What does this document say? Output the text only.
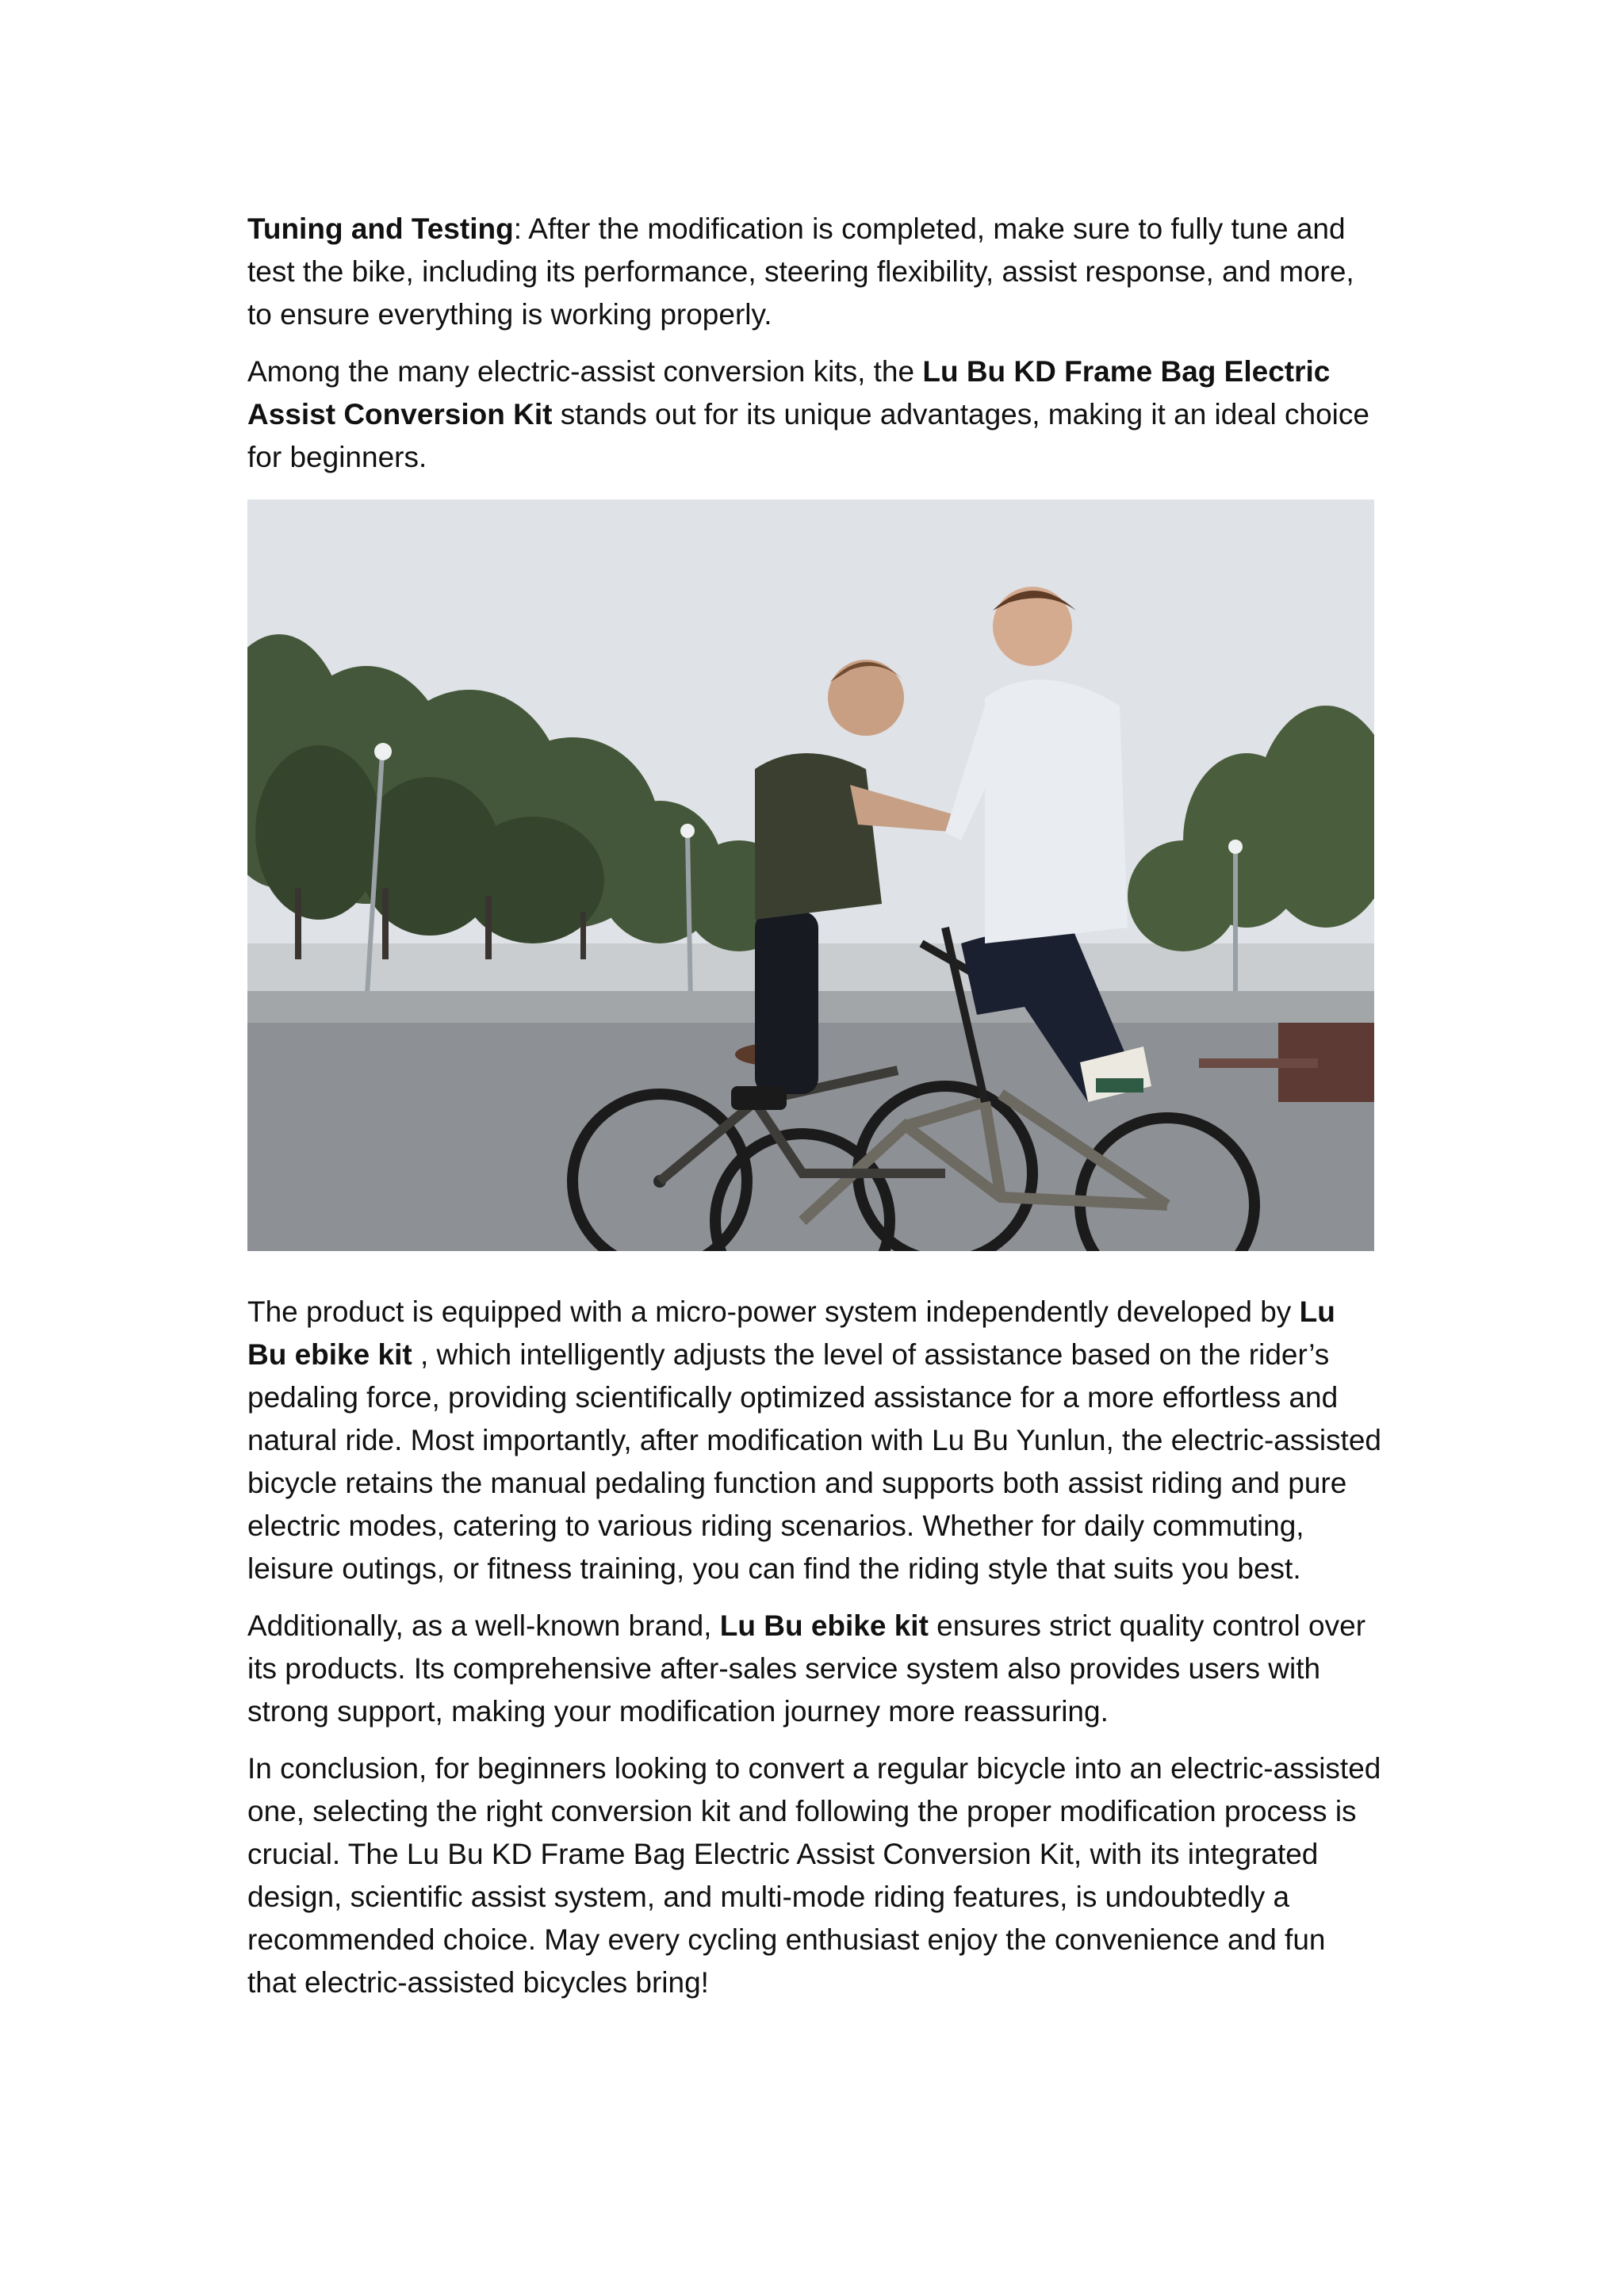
Tuning and Testing: After the modification is completed, make sure to fully tune and test the bike, including its performance, steering flexibility, assist response, and more, to ensure everything is working properly.

Among the many electric-assist conversion kits, the Lu Bu KD Frame Bag Electric Assist Conversion Kit stands out for its unique advantages, making it an ideal choice for beginners.

The product is equipped with a micro-power system independently developed by Lu Bu ebike kit , which intelligently adjusts the level of assistance based on the rider’s pedaling force, providing scientifically optimized assistance for a more effortless and natural ride. Most importantly, after modification with Lu Bu Yunlun, the electric-assisted bicycle retains the manual pedaling function and supports both assist riding and pure electric modes, catering to various riding scenarios. Whether for daily commuting, leisure outings, or fitness training, you can find the riding style that suits you best.

Additionally, as a well-known brand, Lu Bu ebike kit ensures strict quality control over its products. Its comprehensive after-sales service system also provides users with strong support, making your modification journey more reassuring.

In conclusion, for beginners looking to convert a regular bicycle into an electric-assisted one, selecting the right conversion kit and following the proper modification process is crucial. The Lu Bu KD Frame Bag Electric Assist Conversion Kit, with its integrated design, scientific assist system, and multi-mode riding features, is undoubtedly a recommended choice. May every cycling enthusiast enjoy the convenience and fun that electric-assisted bicycles bring!
